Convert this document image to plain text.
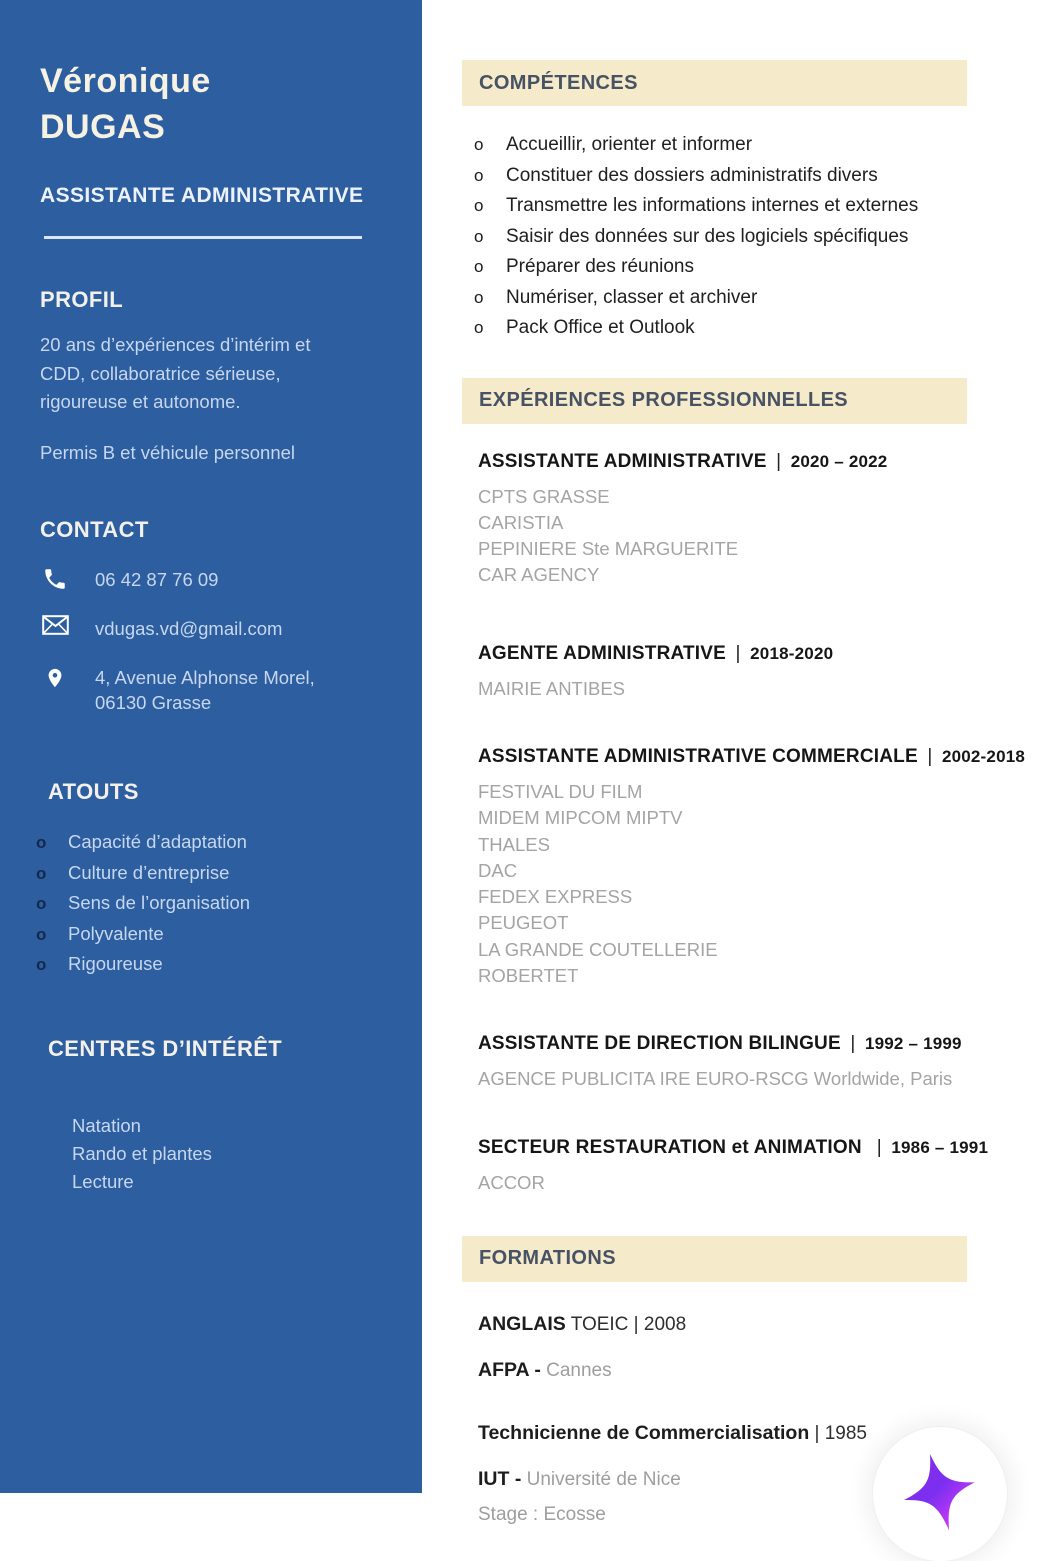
Véronique
DUGAS
ASSISTANTE ADMINISTRATIVE
PROFIL

20 ans d’expériences d’intérim et CDD, collaboratrice sérieuse, rigoureuse et autonome.

Permis B et véhicule personnel

CONTACT
06 42 87 76 09
vdugas.vd@gmail.com
4, Avenue Alphonse Morel,
06130 Grasse
ATOUTS
o Capacité d’adaptation
o Culture d’entreprise
o Sens de l’organisation
o Polyvalente
o Rigoureuse
CENTRES D’INTÉRÊT
Natation
Rando et plantes
Lecture
COMPÉTENCES
o Accueillir, orienter et informer
o Constituer des dossiers administratifs divers
o Transmettre les informations internes et externes
o Saisir des données sur des logiciels spécifiques
o Préparer des réunions
o Numériser, classer et archiver
o Pack Office et Outlook
EXPÉRIENCES PROFESSIONNELLES
ASSISTANTE ADMINISTRATIVE | 2020 – 2022
CPTS GRASSE
CARISTIA
PEPINIERE Ste MARGUERITE
CAR AGENCY
AGENTE ADMINISTRATIVE | 2018-2020
MAIRIE ANTIBES
ASSISTANTE ADMINISTRATIVE COMMERCIALE | 2002-2018
FESTIVAL DU FILM
MIDEM MIPCOM MIPTV
THALES
DAC
FEDEX EXPRESS
PEUGEOT
LA GRANDE COUTELLERIE
ROBERTET
ASSISTANTE DE DIRECTION BILINGUE | 1992 – 1999
AGENCE PUBLICITA IRE EURO-RSCG Worldwide, Paris
SECTEUR RESTAURATION et ANIMATION | 1986 – 1991
ACCOR
FORMATIONS
ANGLAIS TOEIC | 2008
AFPA - Cannes
Technicienne de Commercialisation | 1985
IUT - Université de Nice
Stage : Ecosse
